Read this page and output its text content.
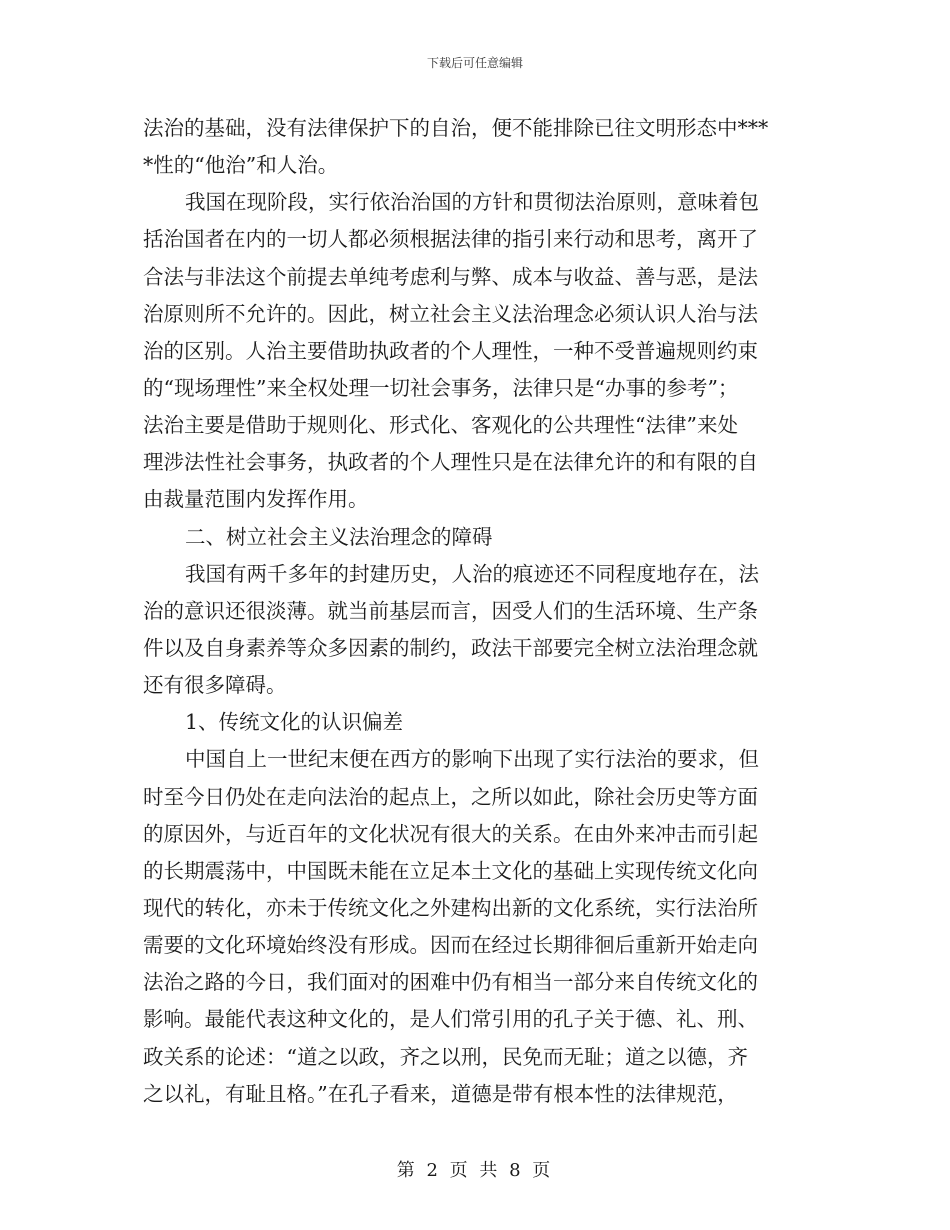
下载后可任意编辑
法治的基础，没有法律保护下的自治，便不能排除已往文明形态中***
*性的“他治”和人治。
我国在现阶段，实行依治治国的方针和贯彻法治原则，意味着包
括治国者在内的一切人都必须根据法律的指引来行动和思考，离开了
合法与非法这个前提去单纯考虑利与弊、成本与收益、善与恶，是法
治原则所不允许的。因此，树立社会主义法治理念必须认识人治与法
治的区别。人治主要借助执政者的个人理性，一种不受普遍规则约束
的“现场理性”来全权处理一切社会事务，法律只是“办事的参考”；
法治主要是借助于规则化、形式化、客观化的公共理性“法律”来处
理涉法性社会事务，执政者的个人理性只是在法律允许的和有限的自
由裁量范围内发挥作用。
二、树立社会主义法治理念的障碍
我国有两千多年的封建历史，人治的痕迹还不同程度地存在，法
治的意识还很淡薄。就当前基层而言，因受人们的生活环境、生产条
件以及自身素养等众多因素的制约，政法干部要完全树立法治理念就
还有很多障碍。
1、传统文化的认识偏差
中国自上一世纪末便在西方的影响下出现了实行法治的要求，但
时至今日仍处在走向法治的起点上，之所以如此，除社会历史等方面
的原因外，与近百年的文化状况有很大的关系。在由外来冲击而引起
的长期震荡中，中国既未能在立足本土文化的基础上实现传统文化向
现代的转化，亦未于传统文化之外建构出新的文化系统，实行法治所
需要的文化环境始终没有形成。因而在经过长期徘徊后重新开始走向
法治之路的今日，我们面对的困难中仍有相当一部分来自传统文化的
影响。最能代表这种文化的，是人们常引用的孔子关于德、礼、刑、
政关系的论述：“道之以政，齐之以刑，民免而无耻；道之以德，齐
之以礼，有耻且格。”在孔子看来，道德是带有根本性的法律规范，
第 2 页 共 8 页
